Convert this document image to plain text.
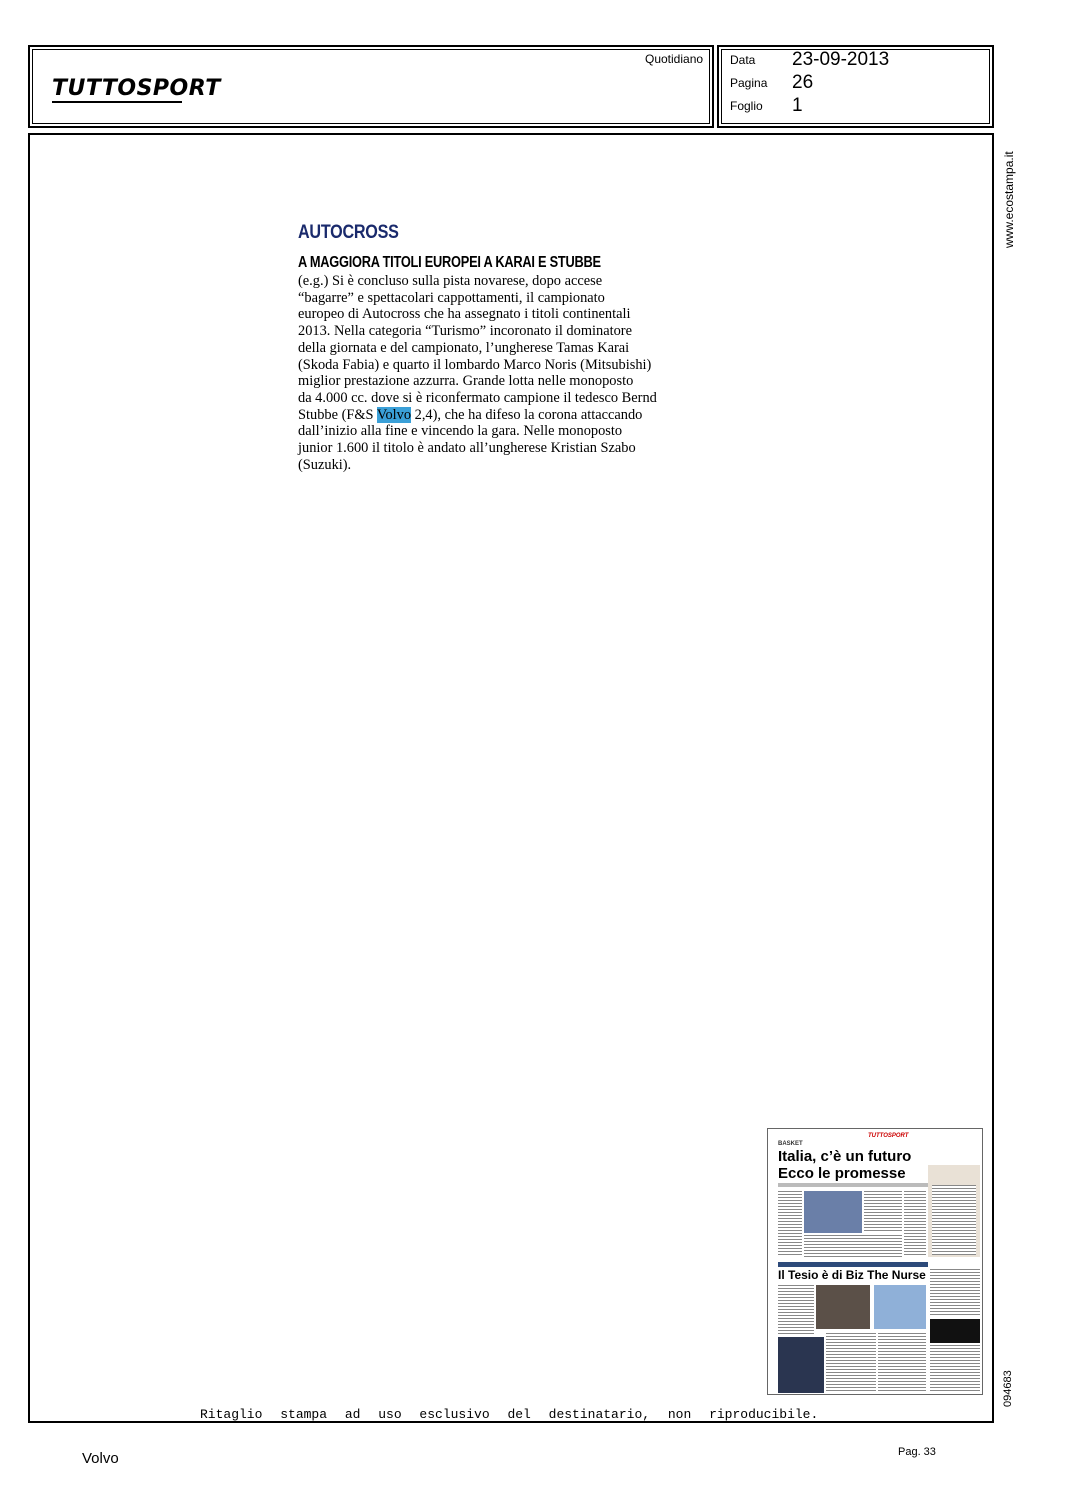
TUTTOSPORT
Quotidiano Data 23-09-2013
Pagina 26
Foglio 1
www.ecostampa.it
094683
AUTOCROSS
A MAGGIORA TITOLI EUROPEI A KARAI E STUBBE
(e.g.) Si è concluso sulla pista novarese, dopo accese
“bagarre” e spettacolari cappottamenti, il campionato
europeo di Autocross che ha assegnato i titoli continentali
2013. Nella categoria “Turismo” incoronato il dominatore
della giornata e del campionato, l’ungherese Tamas Karai
(Skoda Fabia) e quarto il lombardo Marco Noris (Mitsubishi)
miglior prestazione azzurra. Grande lotta nelle monoposto
da 4.000 cc. dove si è riconfermato campione il tedesco Bernd
Stubbe (F&S Volvo 2,4), che ha difeso la corona attaccando
dall’inizio alla fine e vincendo la gara. Nelle monoposto
junior 1.600 il titolo è andato all’ungherese Kristian Szabo
(Suzuki).
TUTTOSPORT
BASKET
Italia, c’è un futuro
Ecco le promesse
Il Tesio è di Biz The Nurse
Ritaglio stampa ad uso esclusivo del destinatario, non riproducibile.
Volvo	Pag. 33
